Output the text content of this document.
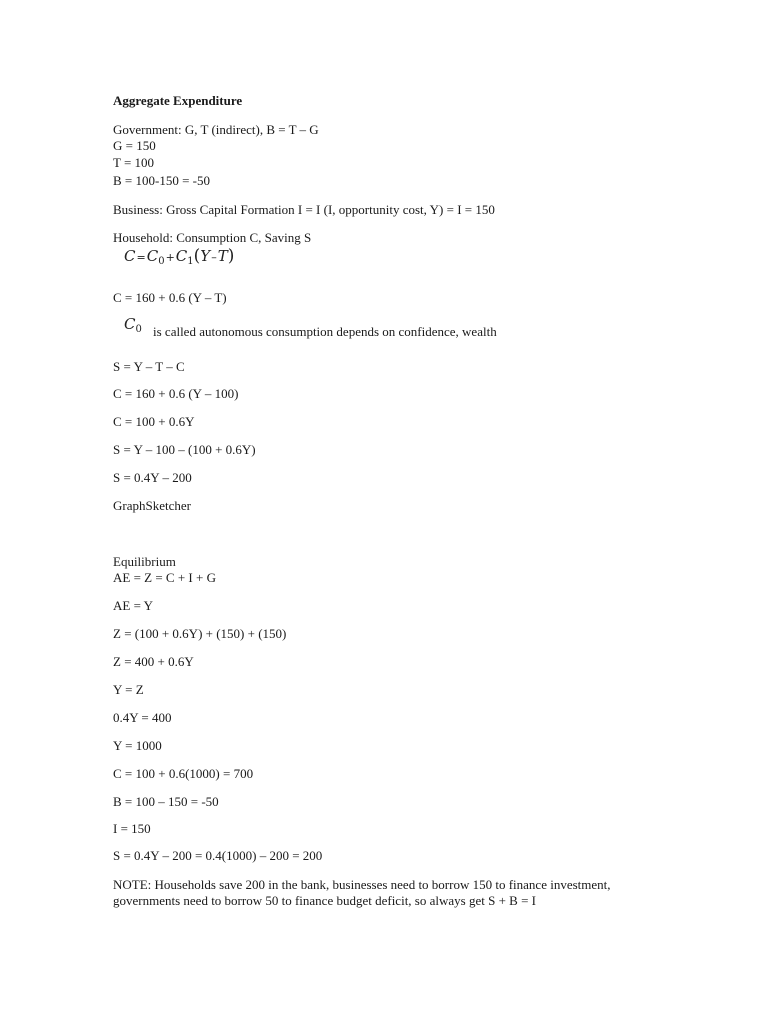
Aggregate Expenditure
Government: G, T (indirect), B = T – G
G = 150
T = 100
B = 100-150 = -50
Business: Gross Capital Formation I = I (I, opportunity cost, Y) = I = 150
Household: Consumption C, Saving S
$C=C_0+C_1(Y-T)$
C = 160 + 0.6 (Y – T)
$C_0$ is called autonomous consumption depends on confidence, wealth
S = Y – T – C
C = 160 + 0.6 (Y – 100)
C = 100 + 0.6Y
S = Y – 100 – (100 + 0.6Y)
S = 0.4Y – 200
GraphSketcher
Equilibrium
AE = Z = C + I + G
AE = Y
Z = (100 + 0.6Y) + (150) + (150)
Z = 400 + 0.6Y
Y = Z
0.4Y = 400
Y = 1000
C = 100 + 0.6(1000) = 700
B = 100 – 150 = -50
I = 150
S = 0.4Y – 200 = 0.4(1000) – 200 = 200
NOTE: Households save 200 in the bank, businesses need to borrow 150 to finance investment,
governments need to borrow 50 to finance budget deficit, so always get S + B = I
